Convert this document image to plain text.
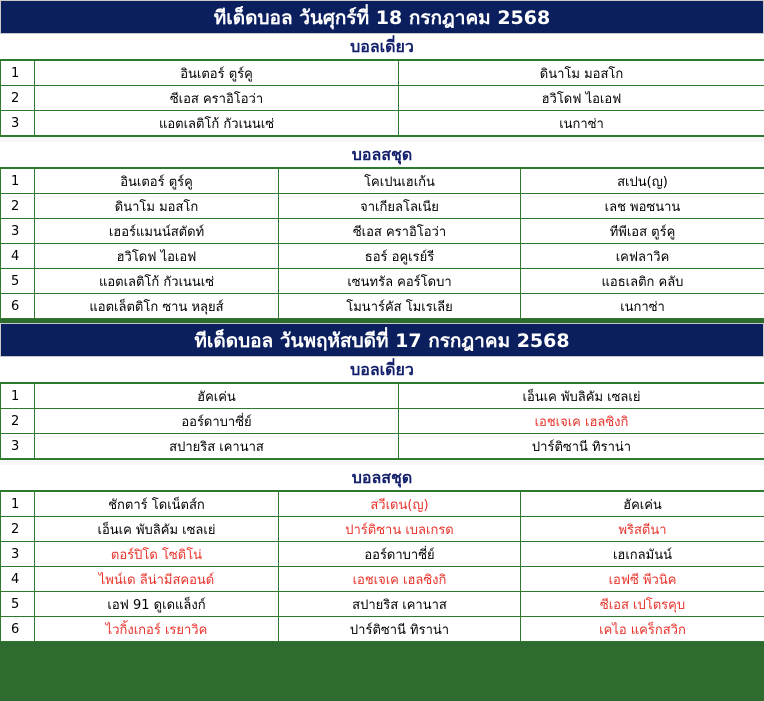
ทีเด็ดบอล วันศุกร์ที่ 18 กรกฎาคม 2568
บอลเดี่ยว
1	อินเตอร์ ตูร์คู	ดินาโม มอสโก
2	ซีเอส คราอิโอว่า	ฮวิโดฟ ไอเอฟ
3	แอตเลติโก้ กัวเนนเซ่	เนกาซ่า
บอลสชุด
1	อินเตอร์ ตูร์คู	โคเปนเฮเก้น	สเปน(ญ)
2	ดินาโม มอสโก	จาเกียลโลเนีย	เลช พอซนาน
3	เฮอร์แมนน์สตัดท์	ซีเอส คราอิโอว่า	ทีพีเอส ตูร์คู
4	ฮวิโดฟ ไอเอฟ	ธอร์ อคูเรย์รี	เคฟลาวิค
5	แอตเลติโก้ กัวเนนเซ่	เซนทรัล คอร์โดบา	แอธเลติก คลับ
6	แอตเล็ตติโก ซาน หลุยส์	โมนาร์คัส โมเรเลีย	เนกาซ่า
ทีเด็ดบอล วันพฤหัสบดีที่ 17 กรกฎาคม 2568
บอลเดี่ยว
1	ฮัคเค่น	เอ็นเค พับลิคัม เซลเย่
2	ออร์ดาบาซี่ย์	เอชเจเค เฮลซิงกิ
3	สปายริส เคานาส	ปาร์ติซานี ทิราน่า
บอลสชุด
1	ชักตาร์ โดเน็ตส์ก	สวีเดน(ญ)	ฮัคเค่น
2	เอ็นเค พับลิคัม เซลเย่	ปาร์ติซาน เบลเกรด	พริสตีนา
3	ตอร์ปิโด โซดิโน่	ออร์ดาบาซี่ย์	เฮเกลมันน์
4	ไพน์เด ลีน่ามีสคอนด์	เอชเจเค เฮลซิงกิ	เอฟซี พีวนิค
5	เอฟ 91 ดูเดแล็งก์	สปายริส เคานาส	ซีเอส เปโตรคุบ
6	ไวกิ้งเกอร์ เรยาวิค	ปาร์ติซานี ทิราน่า	เคไอ แคร็กสวิก
